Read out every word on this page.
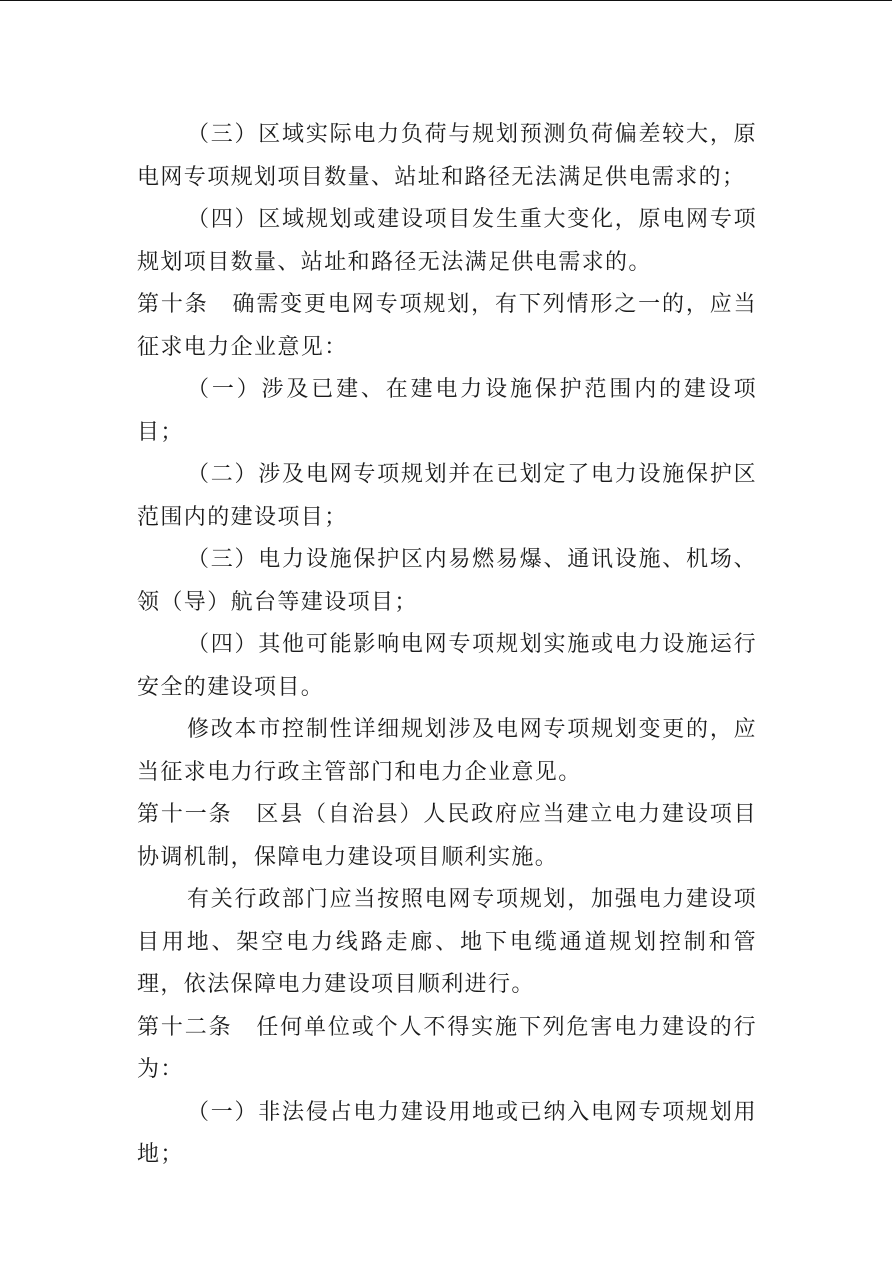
（三）区域实际电力负荷与规划预测负荷偏差较大，原电网专项规划项目数量、站址和路径无法满足供电需求的；

（四）区域规划或建设项目发生重大变化，原电网专项规划项目数量、站址和路径无法满足供电需求的。

第十条　确需变更电网专项规划，有下列情形之一的，应当征求电力企业意见：

（一）涉及已建、在建电力设施保护范围内的建设项目；

（二）涉及电网专项规划并在已划定了电力设施保护区范围内的建设项目；

（三）电力设施保护区内易燃易爆、通讯设施、机场、领（导）航台等建设项目；

（四）其他可能影响电网专项规划实施或电力设施运行安全的建设项目。

修改本市控制性详细规划涉及电网专项规划变更的，应当征求电力行政主管部门和电力企业意见。

第十一条　区县（自治县）人民政府应当建立电力建设项目协调机制，保障电力建设项目顺利实施。

有关行政部门应当按照电网专项规划，加强电力建设项目用地、架空电力线路走廊、地下电缆通道规划控制和管理，依法保障电力建设项目顺利进行。

第十二条　任何单位或个人不得实施下列危害电力建设的行为：

（一）非法侵占电力建设用地或已纳入电网专项规划用地；
